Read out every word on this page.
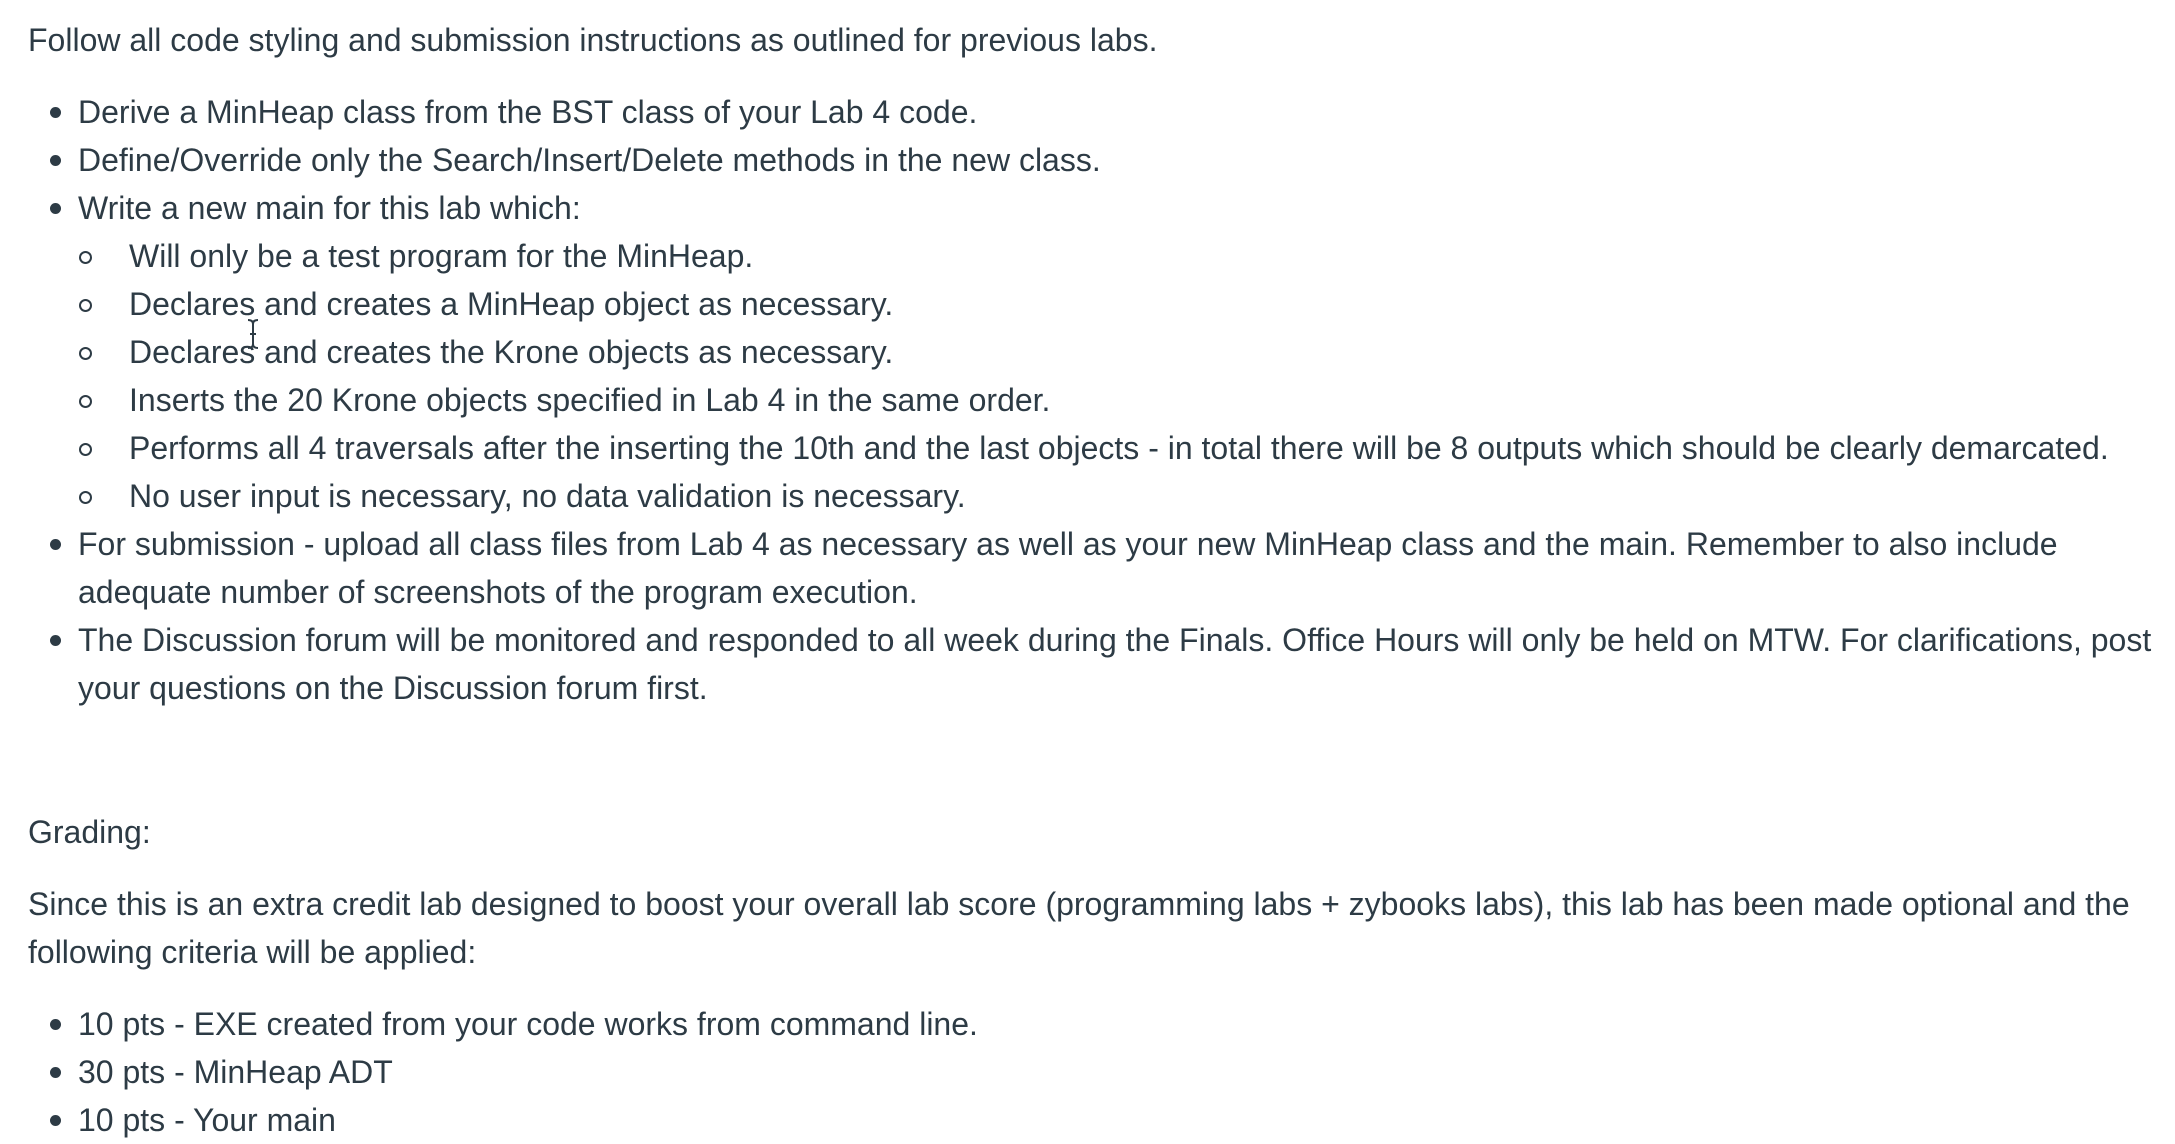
Follow all code styling and submission instructions as outlined for previous labs.

Derive a MinHeap class from the BST class of your Lab 4 code.
Define/Override only the Search/Insert/Delete methods in the new class.
Write a new main for this lab which:
Will only be a test program for the MinHeap.
Declares and creates a MinHeap object as necessary.
Declares and creates the Krone objects as necessary.
Inserts the 20 Krone objects specified in Lab 4 in the same order.
Performs all 4 traversals after the inserting the 10th and the last objects - in total there will be 8 outputs which should be clearly demarcated.
No user input is necessary, no data validation is necessary.
For submission - upload all class files from Lab 4 as necessary as well as your new MinHeap class and the main. Remember to also include adequate number of screenshots of the program execution.
The Discussion forum will be monitored and responded to all week during the Finals. Office Hours will only be held on MTW. For clarifications, post your questions on the Discussion forum first.

Grading:

Since this is an extra credit lab designed to boost your overall lab score (programming labs + zybooks labs), this lab has been made optional and the following criteria will be applied:

10 pts - EXE created from your code works from command line.
30 pts - MinHeap ADT
10 pts - Your main
